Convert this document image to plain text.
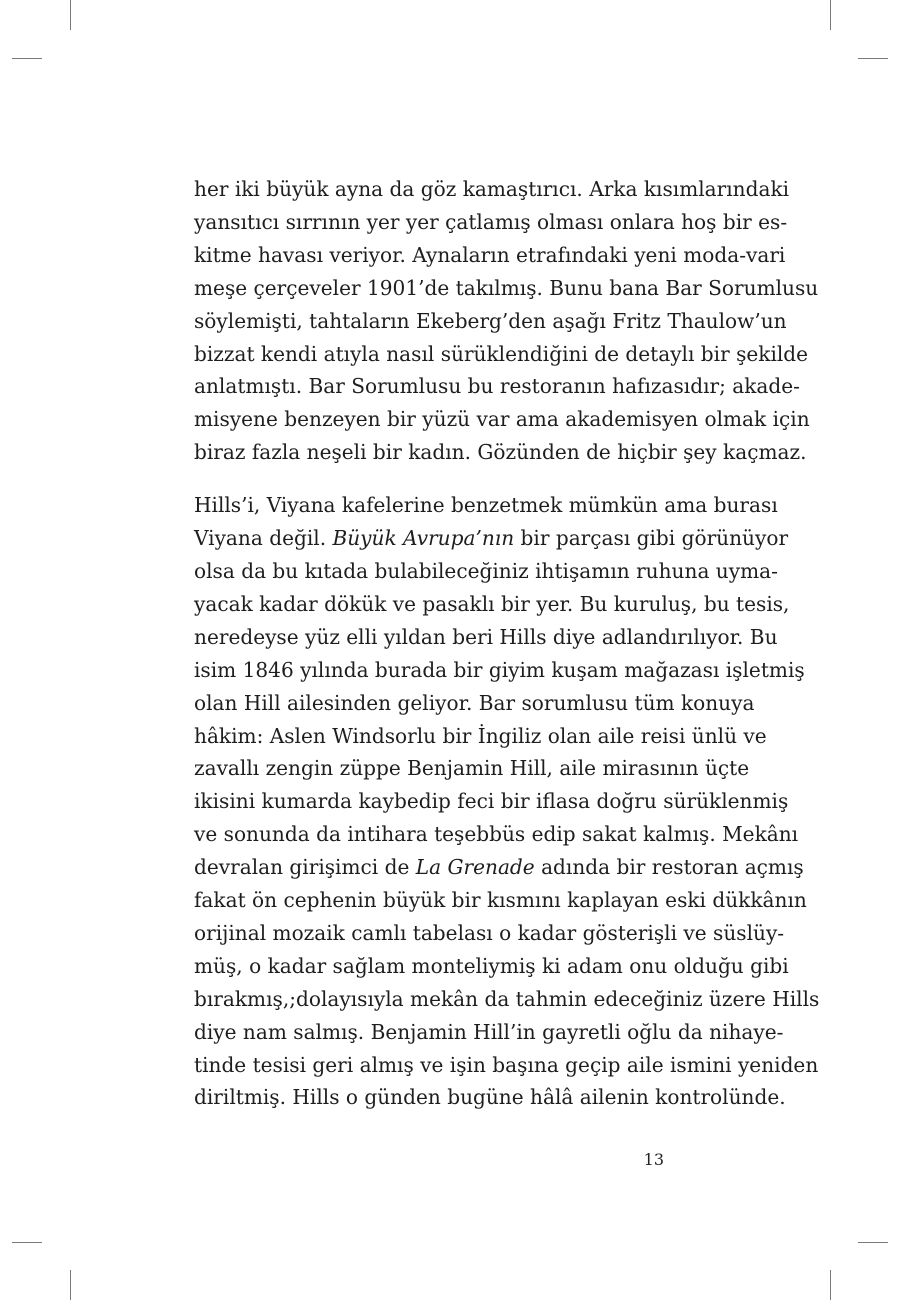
her iki büyük ayna da göz kamaştırıcı. Arka kısımlarındaki
yansıtıcı sırrının yer yer çatlamış olması onlara hoş bir es-
kitme havası veriyor. Aynaların etrafındaki yeni moda-vari
meşe çerçeveler 1901’de takılmış. Bunu bana Bar Sorumlusu
söylemişti, tahtaların Ekeberg’den aşağı Fritz Thaulow’un
bizzat kendi atıyla nasıl sürüklendiğini de detaylı bir şekilde
anlatmıştı. Bar Sorumlusu bu restoranın hafızasıdır; akade-
misyene benzeyen bir yüzü var ama akademisyen olmak için
biraz fazla neşeli bir kadın. Gözünden de hiçbir şey kaçmaz.

Hills’i, Viyana kafelerine benzetmek mümkün ama burası
Viyana değil. Büyük Avrupa’nın bir parçası gibi görünüyor
olsa da bu kıtada bulabileceğiniz ihtişamın ruhuna uyma-
yacak kadar dökük ve pasaklı bir yer. Bu kuruluş, bu tesis,
neredeyse yüz elli yıldan beri Hills diye adlandırılıyor. Bu
isim 1846 yılında burada bir giyim kuşam mağazası işletmiş
olan Hill ailesinden geliyor. Bar sorumlusu tüm konuya
hâkim: Aslen Windsorlu bir İngiliz olan aile reisi ünlü ve
zavallı zengin züppe Benjamin Hill, aile mirasının üçte
ikisini kumarda kaybedip feci bir iflasa doğru sürüklenmiş
ve sonunda da intihara teşebbüs edip sakat kalmış. Mekânı
devralan girişimci de La Grenade adında bir restoran açmış
fakat ön cephenin büyük bir kısmını kaplayan eski dükkânın
orijinal mozaik camlı tabelası o kadar gösterişli ve süslüy-
müş, o kadar sağlam monteliymiş ki adam onu olduğu gibi
bırakmış,;dolayısıyla mekân da tahmin edeceğiniz üzere Hills
diye nam salmış. Benjamin Hill’in gayretli oğlu da nihaye-
tinde tesisi geri almış ve işin başına geçip aile ismini yeniden
diriltmiş. Hills o günden bugüne hâlâ ailenin kontrolünde.

13
